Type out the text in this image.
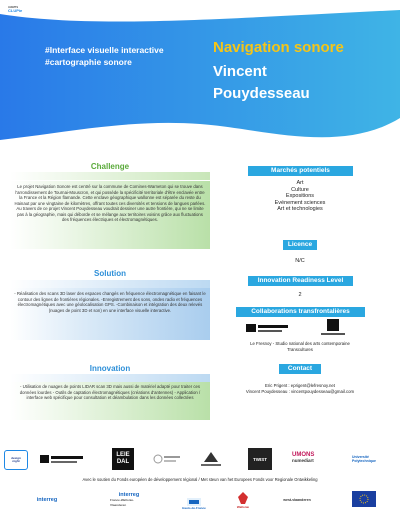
uawes
CLUPie
#Interface visuelle interactive
#cartographie sonore
Navigation sonore
Vincent
Pouydesseau
Challenge
Le projet Navigation Sonore est centré sur la commune de Comines-Warneton qui se trouve dans l'arrondissement de Tournai-Mouscron, et qui possède la spécificité territoriale d'être enclavée entre la France et la Région flamande. Cette enclave géographique wallonne est séparée du reste du Hainaut par une vingtaine de kilomètres, offrant toutes ces diversités et tensions de langues parlées. Au travers de ce projet Vincent Pouydesseau voudrait dessiner une autre frontière, qui ne se limite pas à la géographie, mais qui déborde et se mélange aux territoires voisins grâce aux fluctuations des fréquences électriques et électromagnétiques.
Solution
- Réalisation des scans 3D laser des espaces changés en fréquence électromagnétique en faisant le contour des lignes de frontières régionales. -Enregistrement des sons, ondes radio et fréquences électromagnétiques avec une géolocalisation GPS. -Combinaison et intégration des deux relevés (nuages de point 3D et son) en une interface visuelle interactive.
Innovation
- Utilisation de nuages de points LIDAR scan 3D mais aussi de matériel adapté pour traiter ces données lourdes - Outils de captation électromagnétiques (créations d'antennes) - Application / interface web spécifique pour consultation et déambulation dans les données collectées
Marchés potentiels
Art
Culture
Expositions
Evénement sciences
Art et technologies
Licence
N/C
Innovation Readiness Level
2
Collaborations transfrontalières
Le Fresnoy - Studio national des arts contemporaine
Transcultures
Contact
Eric Prigent : eprigent@lefresnoy.net
Vincent Pouydesseau : vincentpouydesseau@gmail.com
design
night
LEIE
DAL	TWIST
UMONS
numediart
Université
Polytechnique
Avec le soutien du Fonds européen de développement régional / Met steun van het Europees Fonds voor Regionale Ontwikkeling
interreg
interreg
France-Wallonie-Vlaanderen
Hauts-de-France	Wallonie
west-vlaanderen
